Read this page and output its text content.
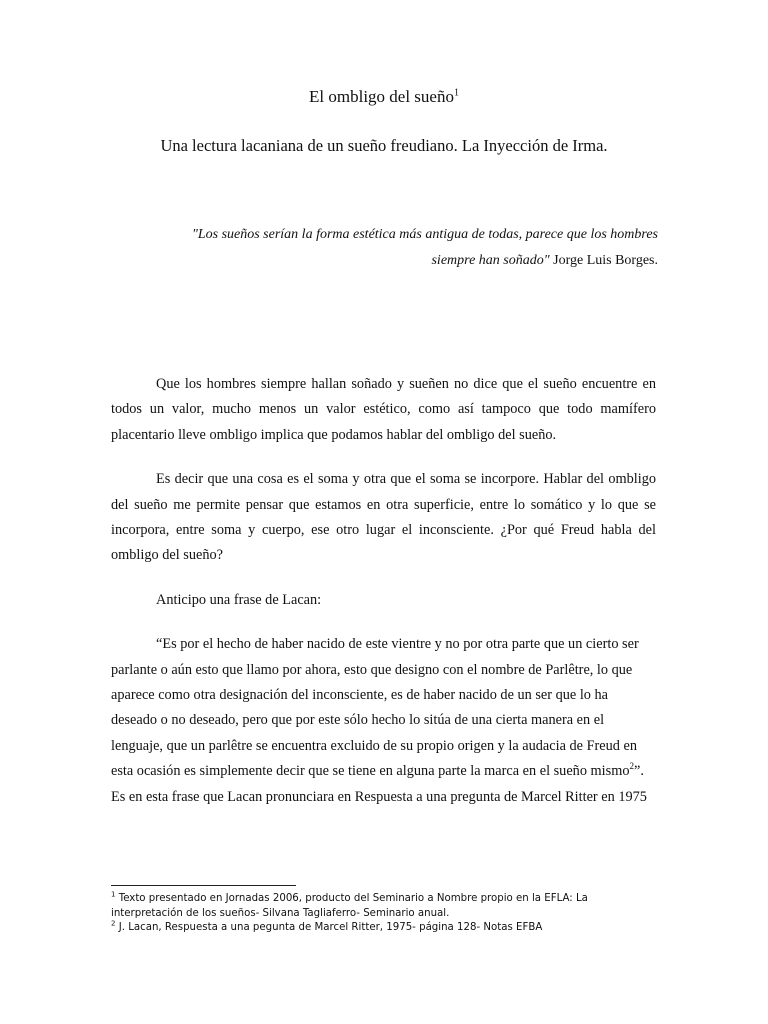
El ombligo del sueño$^1$
Una lectura lacaniana de un sueño freudiano. La Inyección de Irma.
"Los sueños serían la forma estética más antigua de todas, parece que los hombres siempre han soñado" Jorge Luis Borges.

Que los hombres siempre hallan soñado y sueñen no dice que el sueño encuentre en todos un valor, mucho menos un valor estético, como así tampoco que todo mamífero placentario lleve ombligo implica que podamos hablar del ombligo del sueño.

Es decir que una cosa es el soma y otra que el soma se incorpore. Hablar del ombligo del sueño me permite pensar que estamos en otra superficie, entre lo somático y lo que se incorpora, entre soma y cuerpo, ese otro lugar el inconsciente. ¿Por qué Freud habla del ombligo del sueño?

Anticipo una frase de Lacan:

“Es por el hecho de haber nacido de este vientre y no por otra parte que un cierto ser parlante o aún esto que llamo por ahora, esto que designo con el nombre de Parlêtre, lo que aparece como otra designación del inconsciente, es de haber nacido de un ser que lo ha deseado o no deseado, pero que por este sólo hecho lo sitúa de una cierta manera en el lenguaje, que un parlêtre se encuentra excluido de su propio origen y la audacia de Freud en esta ocasión es simplemente decir que se tiene en alguna parte la marca en el sueño mismo$^2$”. Es en esta frase que Lacan pronunciara en Respuesta a una pregunta de Marcel Ritter en 1975

$^1$ Texto presentado en Jornadas 2006, producto del Seminario a Nombre propio en la EFLA: La interpretación de los sueños- Silvana Tagliaferro- Seminario anual.

$^2$ J. Lacan, Respuesta a una pegunta de Marcel Ritter, 1975- página 128- Notas EFBA
